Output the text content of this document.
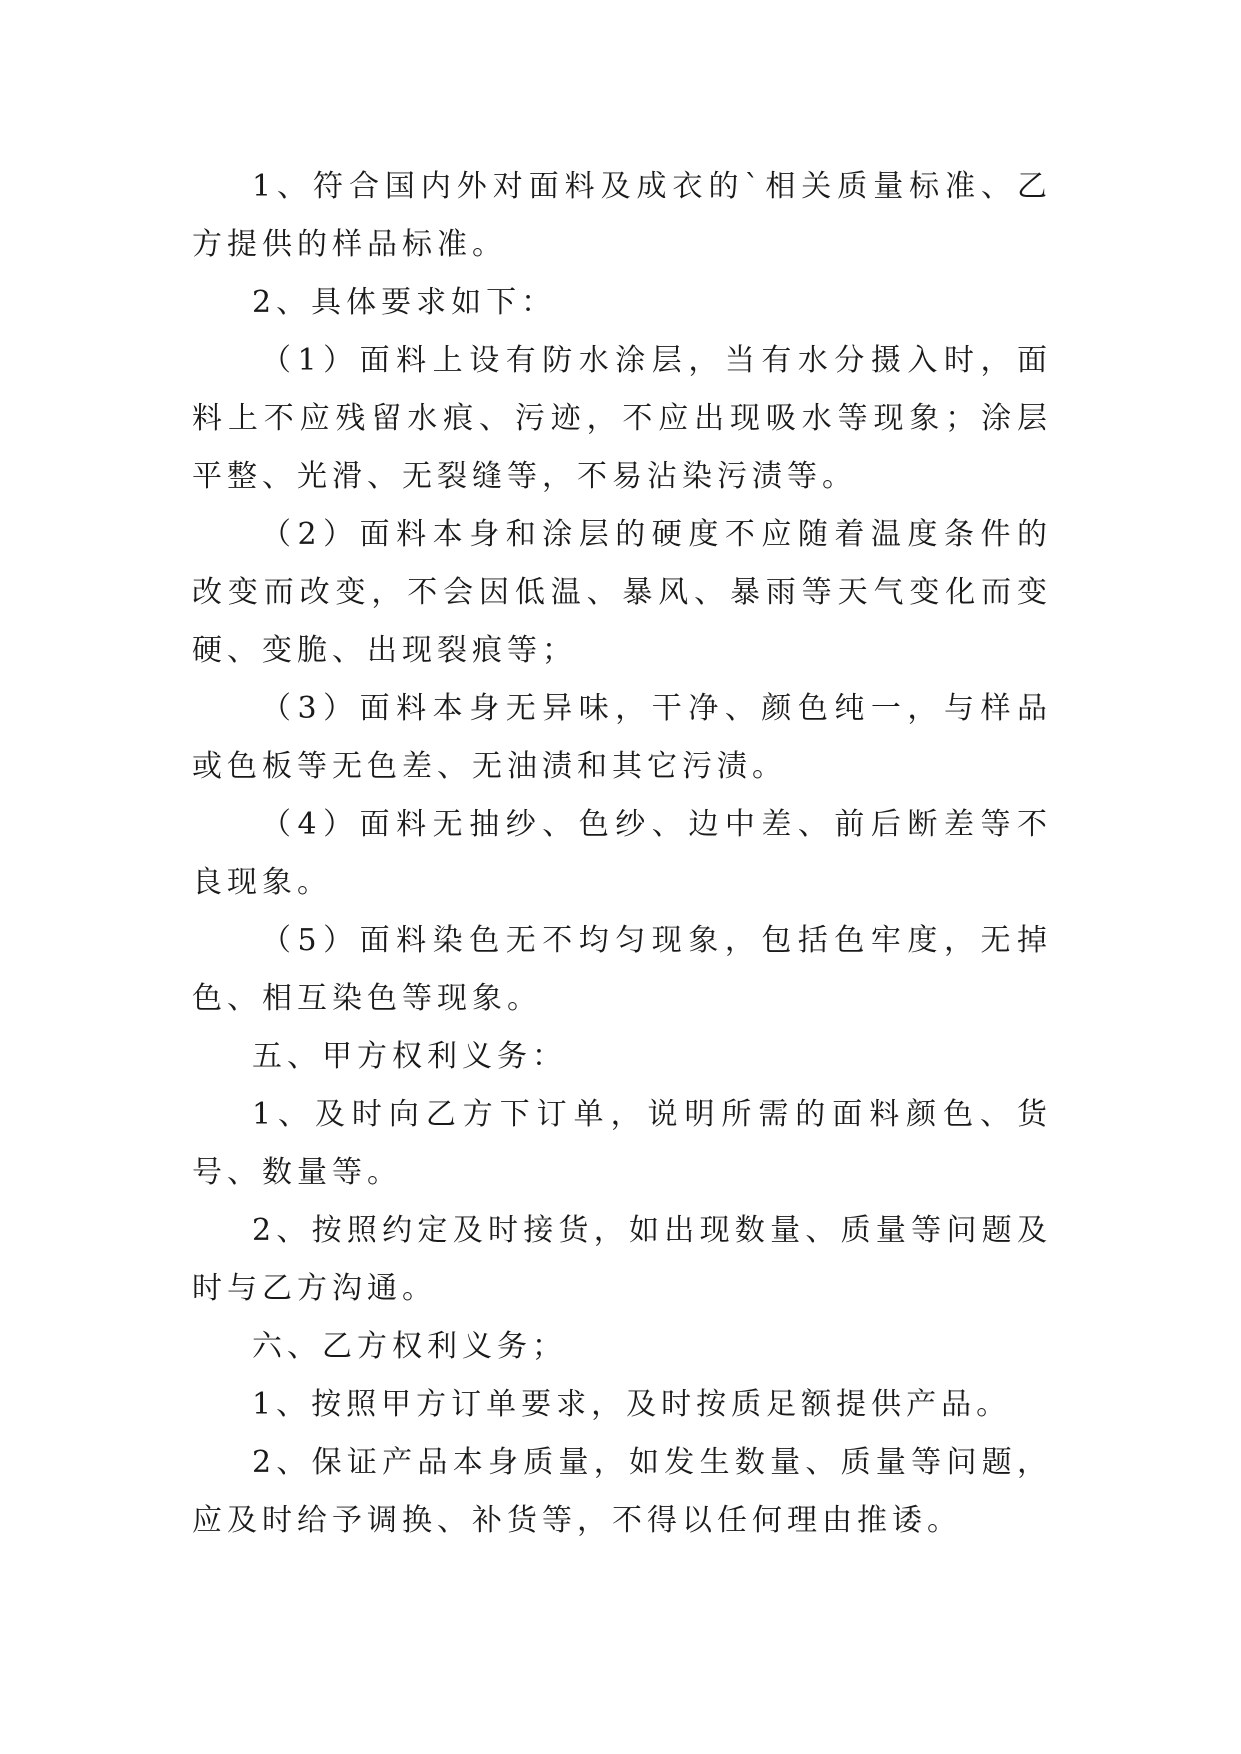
1、符合国内外对面料及成衣的`相关质量标准、乙方提供的样品标准。

2、具体要求如下：

（1）面料上设有防水涂层，当有水分摄入时，面料上不应残留水痕、污迹，不应出现吸水等现象；涂层平整、光滑、无裂缝等，不易沾染污渍等。

（2）面料本身和涂层的硬度不应随着温度条件的改变而改变，不会因低温、暴风、暴雨等天气变化而变硬、变脆、出现裂痕等；

（3）面料本身无异味，干净、颜色纯一，与样品或色板等无色差、无油渍和其它污渍。

（4）面料无抽纱、色纱、边中差、前后断差等不良现象。

（5）面料染色无不均匀现象，包括色牢度，无掉色、相互染色等现象。

五、甲方权利义务：

1、及时向乙方下订单，说明所需的面料颜色、货号、数量等。

2、按照约定及时接货，如出现数量、质量等问题及时与乙方沟通。

六、乙方权利义务；

1、按照甲方订单要求，及时按质足额提供产品。

2、保证产品本身质量，如发生数量、质量等问题，应及时给予调换、补货等，不得以任何理由推诿。
